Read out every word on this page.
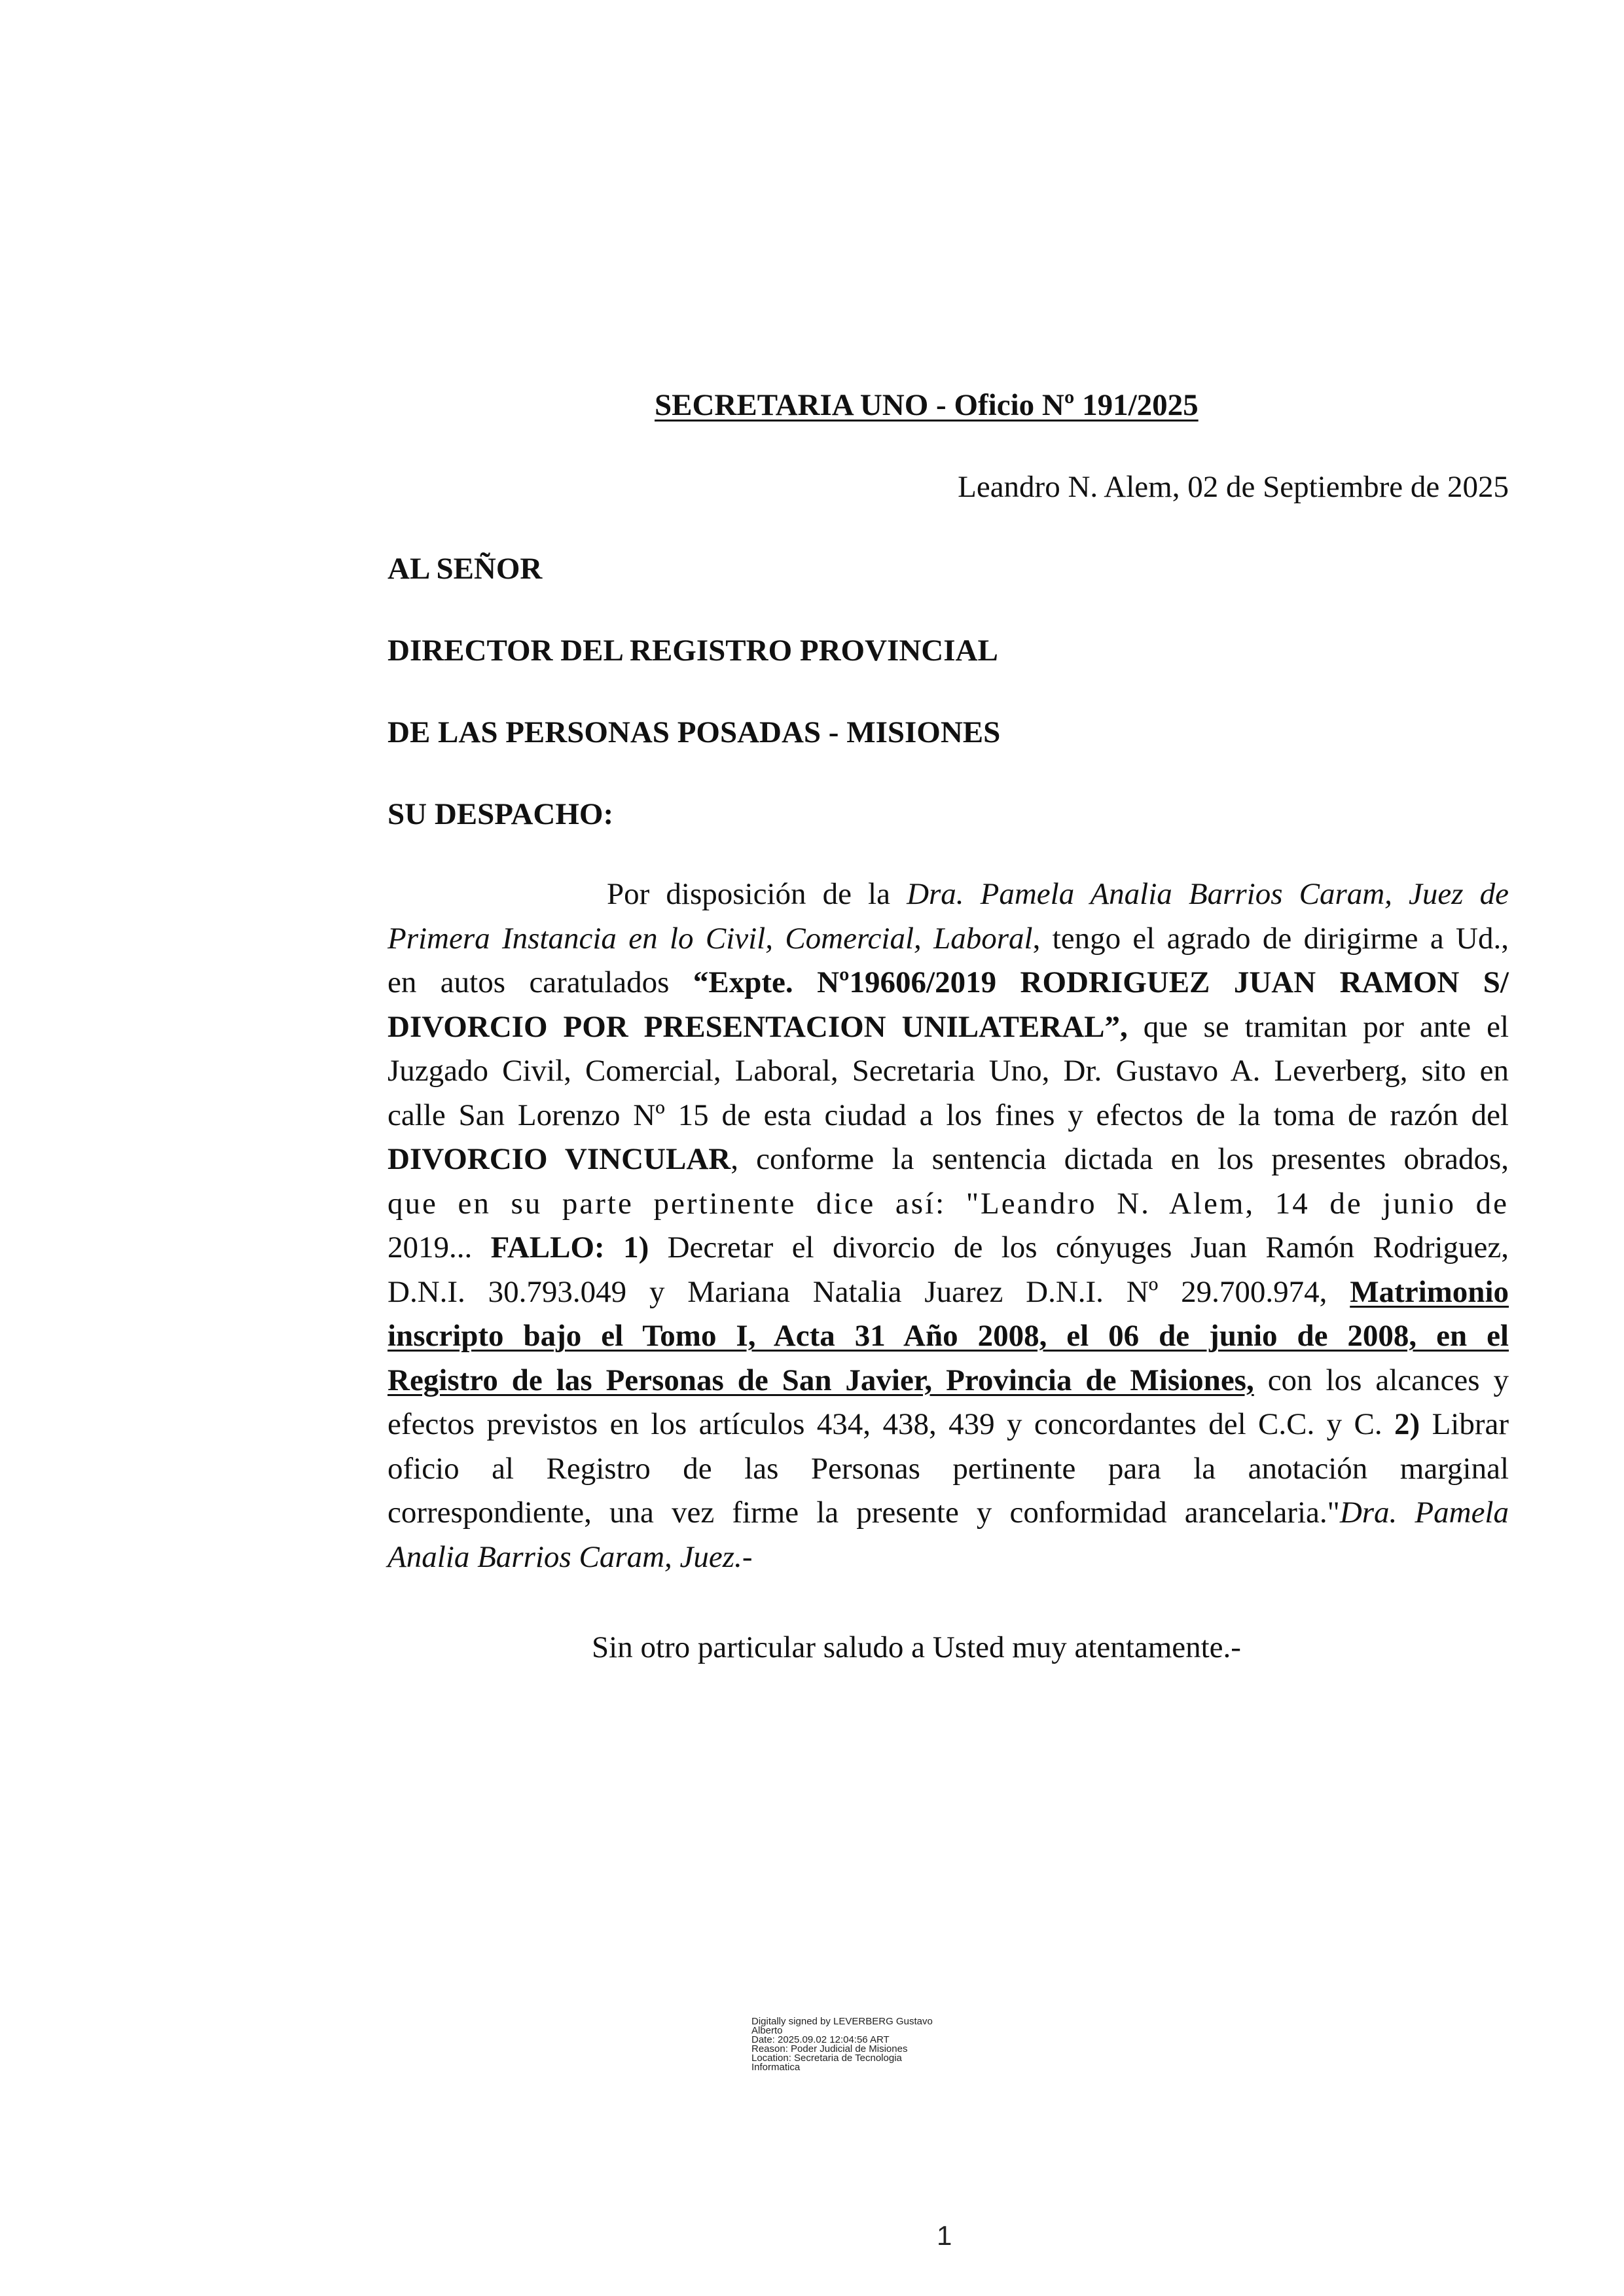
SECRETARIA UNO - Oficio Nº 191/2025
Leandro N. Alem, 02 de Septiembre de 2025
AL SEÑOR
DIRECTOR DEL REGISTRO PROVINCIAL
DE LAS PERSONAS POSADAS - MISIONES
SU DESPACHO:
Por disposición de la Dra. Pamela Analia Barrios Caram, Juez de
Primera Instancia en lo Civil, Comercial, Laboral, tengo el agrado de dirigirme a Ud.,
en autos caratulados “Expte. Nº19606/2019 RODRIGUEZ JUAN RAMON S/
DIVORCIO POR PRESENTACION UNILATERAL”, que se tramitan por ante el
Juzgado Civil, Comercial, Laboral, Secretaria Uno, Dr. Gustavo A. Leverberg, sito en
calle San Lorenzo Nº 15 de esta ciudad a los fines y efectos de la toma de razón del
DIVORCIO VINCULAR, conforme la sentencia dictada en los presentes obrados,
que en su parte pertinente dice así: "Leandro N. Alem, 14 de junio de
2019... FALLO: 1) Decretar el divorcio de los cónyuges Juan Ramón Rodriguez,
D.N.I. 30.793.049 y Mariana Natalia Juarez D.N.I. Nº 29.700.974, Matrimonio
inscripto bajo el Tomo I, Acta 31 Año 2008, el 06 de junio de 2008, en el
Registro de las Personas de San Javier, Provincia de Misiones, con los alcances y
efectos previstos en los artículos 434, 438, 439 y concordantes del C.C. y C. 2) Librar
oficio al Registro de las Personas pertinente para la anotación marginal
correspondiente, una vez firme la presente y conformidad arancelaria."Dra. Pamela
Analia Barrios Caram, Juez.-
Sin otro particular saludo a Usted muy atentamente.-
Digitally signed by LEVERBERG Gustavo
Alberto
Date: 2025.09.02 12:04:56 ART
Reason: Poder Judicial de Misiones
Location: Secretaria de Tecnologia
Informatica
1
